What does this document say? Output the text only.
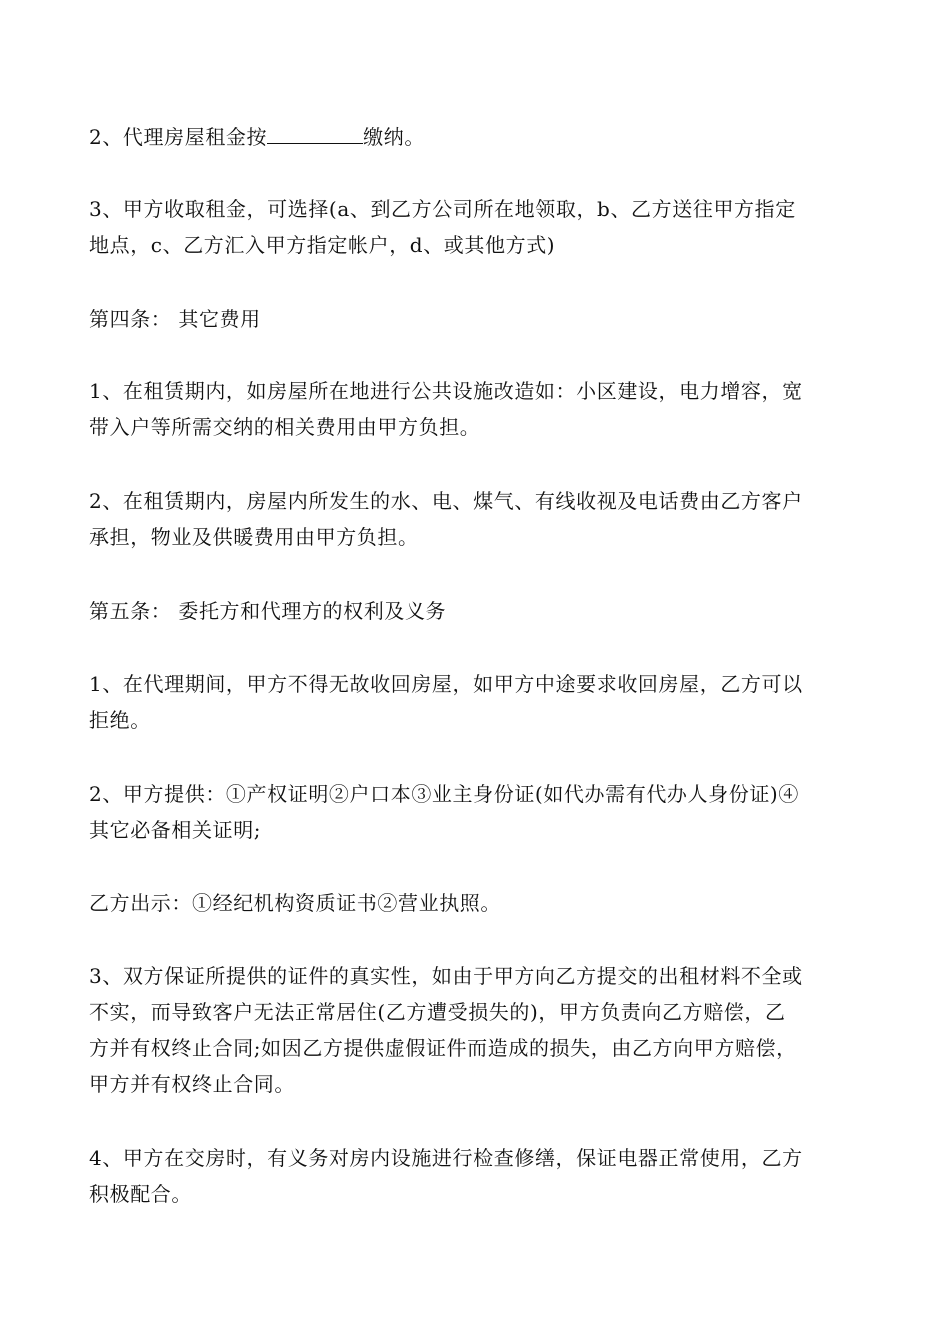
2、代理房屋租金按	缴纳。
3、甲方收取租金，可选择(a、到乙方公司所在地领取，b、乙方送往甲方指定
地点，c、乙方汇入甲方指定帐户，d、或其他方式)
第四条： 其它费用
1、在租赁期内，如房屋所在地进行公共设施改造如：小区建设，电力增容，宽
带入户等所需交纳的相关费用由甲方负担。
2、在租赁期内，房屋内所发生的水、电、煤气、有线收视及电话费由乙方客户
承担，物业及供暖费用由甲方负担。
第五条： 委托方和代理方的权利及义务
1、在代理期间，甲方不得无故收回房屋，如甲方中途要求收回房屋，乙方可以
拒绝。
2、甲方提供：①产权证明②户口本③业主身份证(如代办需有代办人身份证)④
其它必备相关证明;
乙方出示：①经纪机构资质证书②营业执照。
3、双方保证所提供的证件的真实性，如由于甲方向乙方提交的出租材料不全或
不实，而导致客户无法正常居住(乙方遭受损失的)，甲方负责向乙方赔偿，乙
方并有权终止合同;如因乙方提供虚假证件而造成的损失，由乙方向甲方赔偿，
甲方并有权终止合同。
4、甲方在交房时，有义务对房内设施进行检查修缮，保证电器正常使用，乙方
积极配合。
